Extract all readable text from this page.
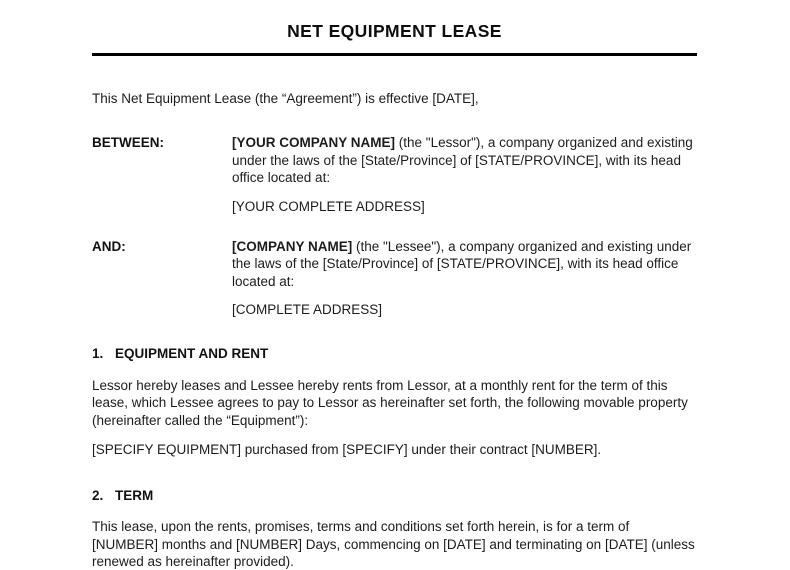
NET EQUIPMENT LEASE

This Net Equipment Lease (the “Agreement”) is effective [DATE],

BETWEEN:	[YOUR COMPANY NAME] (the "Lessor"), a company organized and existing under the laws of the [State/Province] of [STATE/PROVINCE], with its head office located at:

[YOUR COMPLETE ADDRESS]

AND:	[COMPANY NAME] (the "Lessee"), a company organized and existing under the laws of the [State/Province] of [STATE/PROVINCE], with its head office located at:

[COMPLETE ADDRESS]

1. EQUIPMENT AND RENT

Lessor hereby leases and Lessee hereby rents from Lessor, at a monthly rent for the term of this lease, which Lessee agrees to pay to Lessor as hereinafter set forth, the following movable property (hereinafter called the “Equipment”):

[SPECIFY EQUIPMENT] purchased from [SPECIFY] under their contract [NUMBER].

2. TERM

This lease, upon the rents, promises, terms and conditions set forth herein, is for a term of [NUMBER] months and [NUMBER] Days, commencing on [DATE] and terminating on [DATE] (unless renewed as hereinafter provided).
